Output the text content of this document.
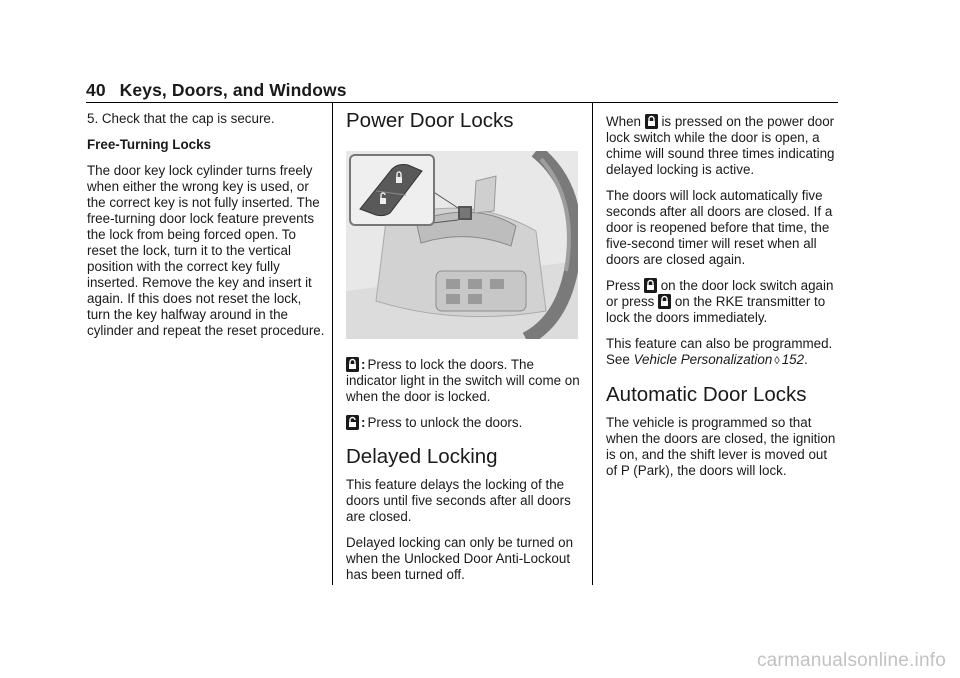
40 Keys, Doors, and Windows

5. Check that the cap is secure.

Free-Turning Locks

The door key lock cylinder turns freely when either the wrong key is used, or the correct key is not fully inserted. The free-turning door lock feature prevents the lock from being forced open. To reset the lock, turn it to the vertical position with the correct key fully inserted. Remove the key and insert it again. If this does not reset the lock, turn the key halfway around in the cylinder and repeat the reset procedure.

Power Door Locks

: Press to lock the doors. The indicator light in the switch will come on when the door is locked.

: Press to unlock the doors.

Delayed Locking

This feature delays the locking of the doors until five seconds after all doors are closed.

Delayed locking can only be turned on when the Unlocked Door Anti-Lockout has been turned off.

When is pressed on the power door lock switch while the door is open, a chime will sound three times indicating delayed locking is active.

The doors will lock automatically five seconds after all doors are closed. If a door is reopened before that time, the five-second timer will reset when all doors are closed again.

Press on the door lock switch again or press on the RKE transmitter to lock the doors immediately.

This feature can also be programmed. See Vehicle Personalization ◊ 152.

Automatic Door Locks

The vehicle is programmed so that when the doors are closed, the ignition is on, and the shift lever is moved out of P (Park), the doors will lock.

carmanualsonline.info
